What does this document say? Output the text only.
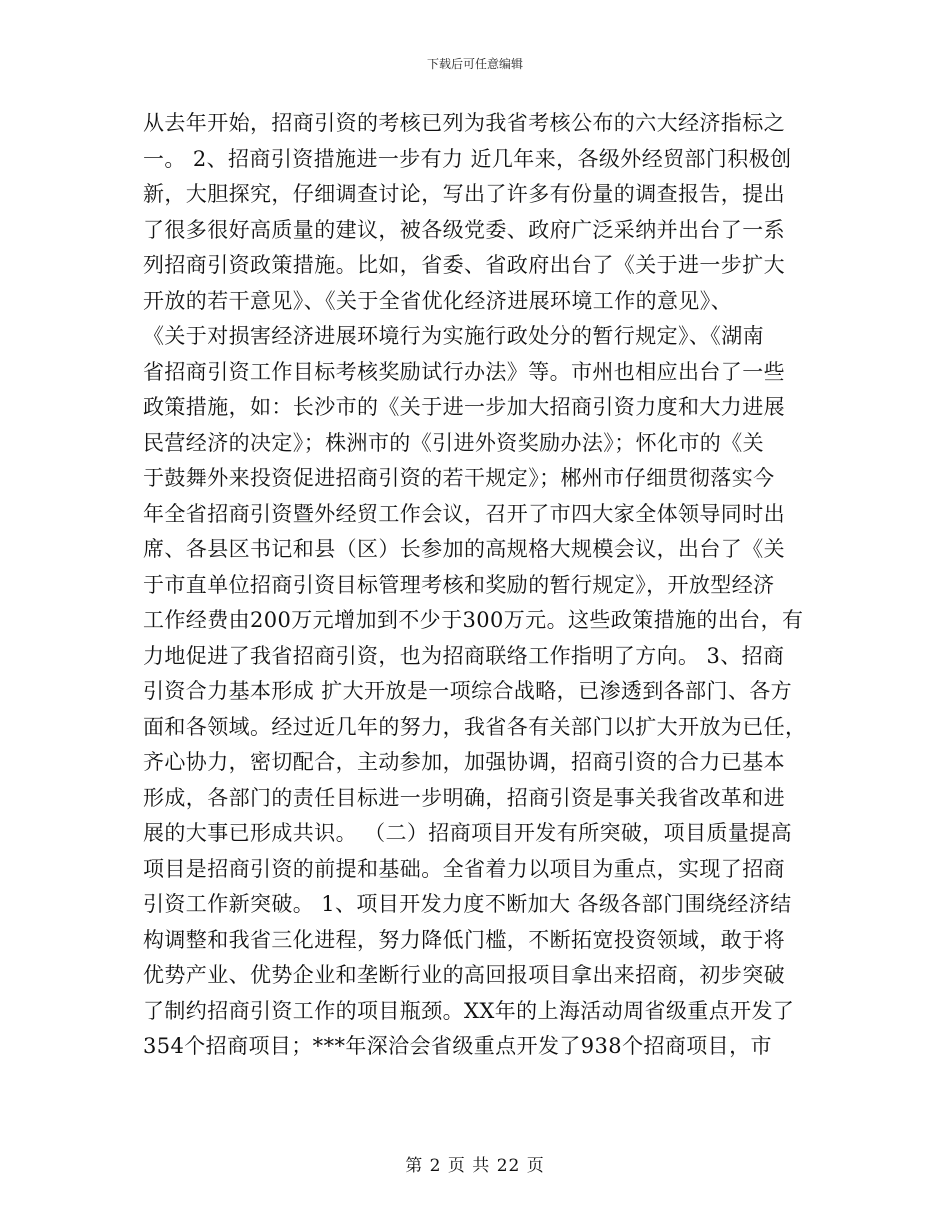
下载后可任意编辑
从去年开始，招商引资的考核已列为我省考核公布的六大经济指标之
一。 2、招商引资措施进一步有力 近几年来，各级外经贸部门积极创
新，大胆探究，仔细调查讨论，写出了许多有份量的调查报告，提出
了很多很好高质量的建议，被各级党委、政府广泛采纳并出台了一系
列招商引资政策措施。比如，省委、省政府出台了《关于进一步扩大
开放的若干意见》、《关于全省优化经济进展环境工作的意见》、
《关于对损害经济进展环境行为实施行政处分的暂行规定》、《湖南
省招商引资工作目标考核奖励试行办法》等。市州也相应出台了一些
政策措施，如：长沙市的《关于进一步加大招商引资力度和大力进展
民营经济的决定》；株洲市的《引进外资奖励办法》；怀化市的《关
于鼓舞外来投资促进招商引资的若干规定》；郴州市仔细贯彻落实今
年全省招商引资暨外经贸工作会议，召开了市四大家全体领导同时出
席、各县区书记和县（区）长参加的高规格大规模会议，出台了《关
于市直单位招商引资目标管理考核和奖励的暂行规定》，开放型经济
工作经费由200万元增加到不少于300万元。这些政策措施的出台，有
力地促进了我省招商引资，也为招商联络工作指明了方向。 3、招商
引资合力基本形成 扩大开放是一项综合战略，已渗透到各部门、各方
面和各领域。经过近几年的努力，我省各有关部门以扩大开放为已任，
齐心协力，密切配合，主动参加，加强协调，招商引资的合力已基本
形成，各部门的责任目标进一步明确，招商引资是事关我省改革和进
展的大事已形成共识。 （二）招商项目开发有所突破，项目质量提高
项目是招商引资的前提和基础。全省着力以项目为重点，实现了招商
引资工作新突破。 1、项目开发力度不断加大 各级各部门围绕经济结
构调整和我省三化进程，努力降低门槛，不断拓宽投资领域，敢于将
优势产业、优势企业和垄断行业的高回报项目拿出来招商，初步突破
了制约招商引资工作的项目瓶颈。XX年的上海活动周省级重点开发了
354个招商项目；***年深洽会省级重点开发了938个招商项目，市
第 2 页 共 22 页
